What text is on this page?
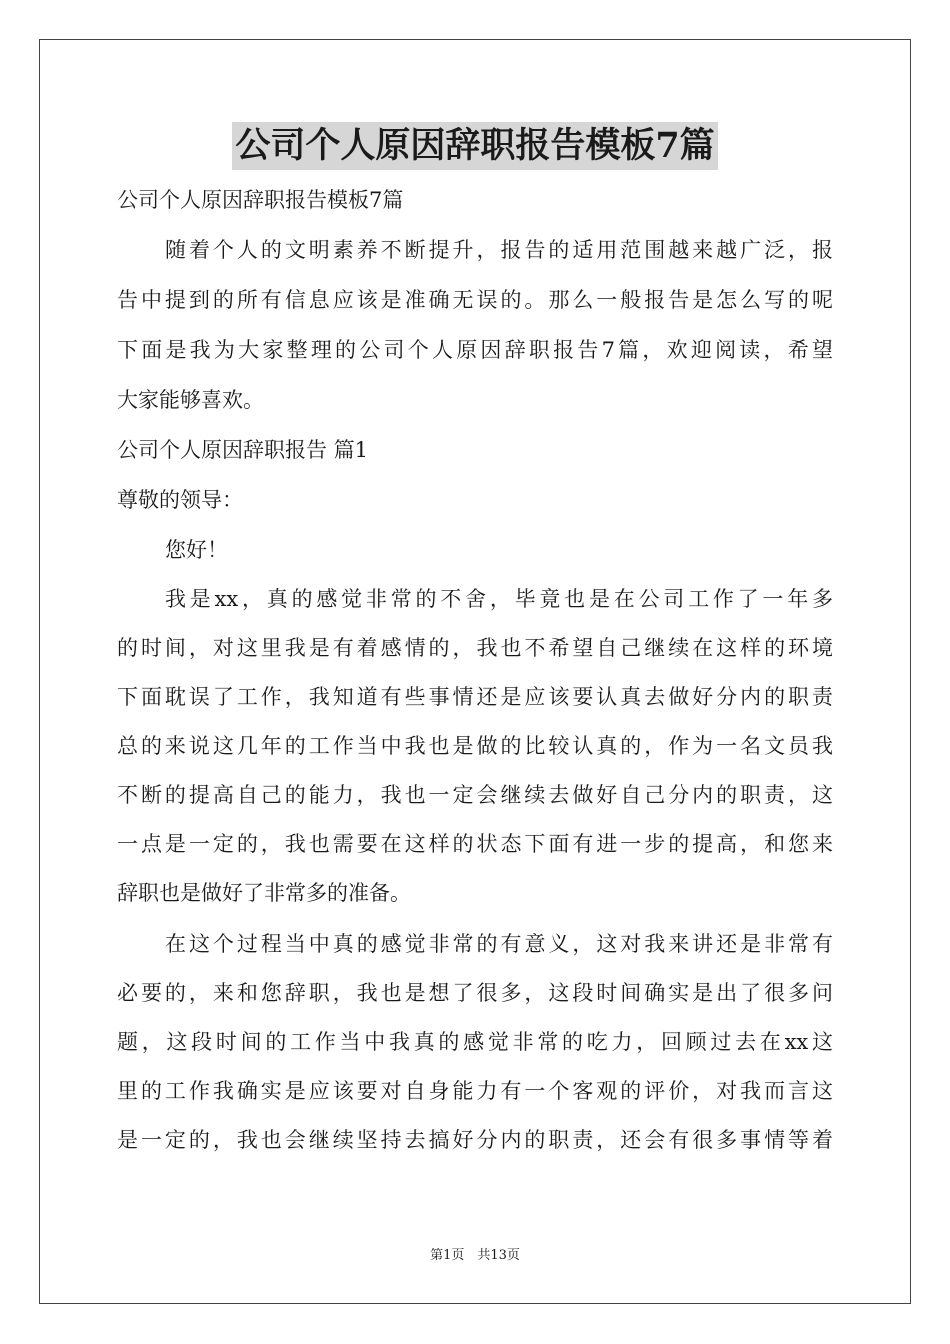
公司个人原因辞职报告模板7篇
公司个人原因辞职报告模板7篇
随着个人的文明素养不断提升，报告的适用范围越来越广泛，报
告中提到的所有信息应该是准确无误的。那么一般报告是怎么写的呢
下面是我为大家整理的公司个人原因辞职报告7篇，欢迎阅读，希望
大家能够喜欢。
公司个人原因辞职报告 篇1
尊敬的领导：
您好！
我是xx，真的感觉非常的不舍，毕竟也是在公司工作了一年多
的时间，对这里我是有着感情的，我也不希望自己继续在这样的环境
下面耽误了工作，我知道有些事情还是应该要认真去做好分内的职责
总的来说这几年的工作当中我也是做的比较认真的，作为一名文员我
不断的提高自己的能力，我也一定会继续去做好自己分内的职责，这
一点是一定的，我也需要在这样的状态下面有进一步的提高，和您来
辞职也是做好了非常多的准备。
在这个过程当中真的感觉非常的有意义，这对我来讲还是非常有
必要的，来和您辞职，我也是想了很多，这段时间确实是出了很多问
题，这段时间的工作当中我真的感觉非常的吃力，回顾过去在xx这
里的工作我确实是应该要对自身能力有一个客观的评价，对我而言这
是一定的，我也会继续坚持去搞好分内的职责，还会有很多事情等着
第1页　共13页
